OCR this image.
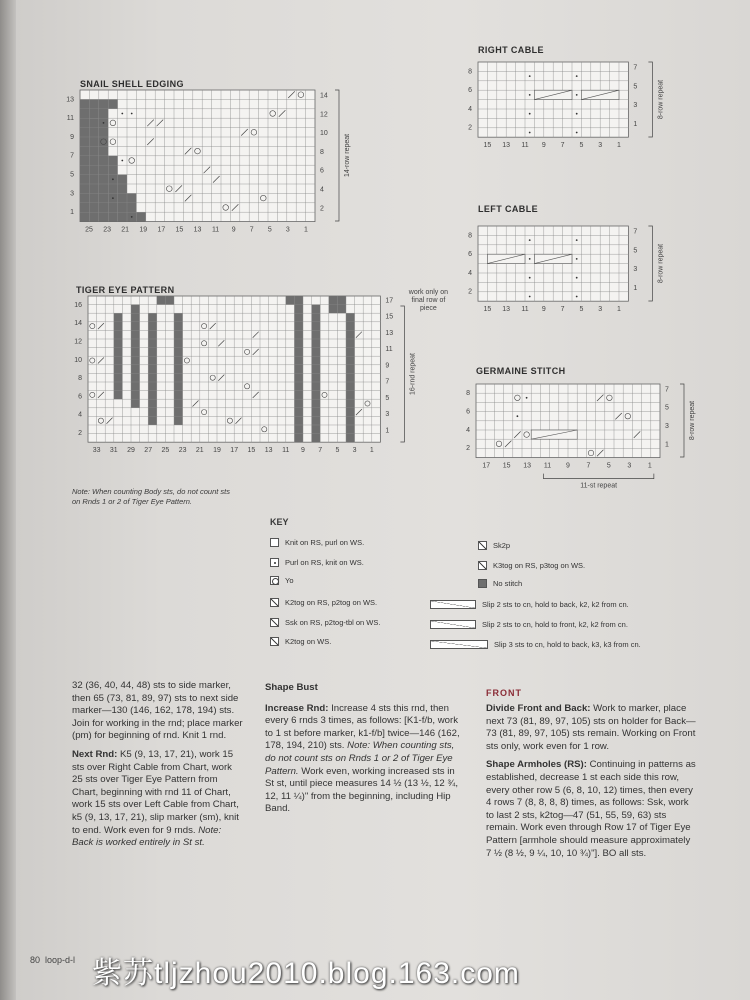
SNAIL SHELL EDGING
TIGER EYE PATTERN
RIGHT CABLE
LEFT CABLE
GERMAINE STITCH
13
11
9
7
5
3
1
14
12
10
8
6
4
2
25 23 21 19 17 15 13 11 9 7 5 3 1
14-row repeat
16
14
12
10
8
6
4
2
17
15
13
11
9
7
5
3
1
33 31 29 27 25 23 21 19 17 15 13 11 9 7 5 3 1
16-rnd repeat
work only on
final row of
piece
8
6
4
2
7
5
3
1
15 13 11 9 7 5 3 1
8-row repeat
8
6
4
2
7
5
3
1
15 13 11 9 7 5 3 1
8-row repeat
8
6
4
2
7
5
3
1
17 15 13 11 9 7 5 3 1
8-row repeat
11-st repeat
Note: When counting Body sts, do not count sts on Rnds 1 or 2 of Tiger Eye Pattern.
KEY
Knit on RS, purl on WS.
Purl on RS, knit on WS.
Yo
K2tog on RS, p2tog on WS.
Ssk on RS, p2tog-tbl on WS.
K2tog on WS.
Sk2p
K3tog on RS, p3tog on WS.
No stitch
Slip 2 sts to cn, hold to back, k2, k2 from cn.
Slip 2 sts to cn, hold to front, k2, k2 from cn.
Slip 3 sts to cn, hold to back, k3, k3 from cn.

32 (36, 40, 44, 48) sts to side marker, then 65 (73, 81, 89, 97) sts to next side marker—130 (146, 162, 178, 194) sts. Join for working in the rnd; place marker (pm) for beginning of rnd. Knit 1 rnd.

Next Rnd: K5 (9, 13, 17, 21), work 15 sts over Right Cable from Chart, work 25 sts over Tiger Eye Pattern from Chart, beginning with rnd 11 of Chart, work 15 sts over Left Cable from Chart, k5 (9, 13, 17, 21), slip marker (sm), knit to end. Work even for 9 rnds. Note: Back is worked entirely in St st.

Shape Bust

Increase Rnd: Increase 4 sts this rnd, then every 6 rnds 3 times, as follows: [K1-f/b, work to 1 st before marker, k1-f/b] twice—146 (162, 178, 194, 210) sts. Note: When counting sts, do not count sts on Rnds 1 or 2 of Tiger Eye Pattern. Work even, working increased sts in St st, until piece measures 14 ½ (13 ½, 12 ¾, 12, 11 ¼)" from the beginning, including Hip Band.

FRONT

Divide Front and Back: Work to marker, place next 73 (81, 89, 97, 105) sts on holder for Back—73 (81, 89, 97, 105) sts remain. Working on Front sts only, work even for 1 row.

Shape Armholes (RS): Continuing in patterns as established, decrease 1 st each side this row, every other row 5 (6, 8, 10, 12) times, then every 4 rows 7 (8, 8, 8, 8) times, as follows: Ssk, work to last 2 sts, k2tog—47 (51, 55, 59, 63) sts remain. Work even through Row 17 of Tiger Eye Pattern [armhole should measure approximately 7 ½ (8 ½, 9 ¼, 10, 10 ¾)"]. BO all sts.

80 loop-d-l 紫苏tljzhou2010.blog.163.com
